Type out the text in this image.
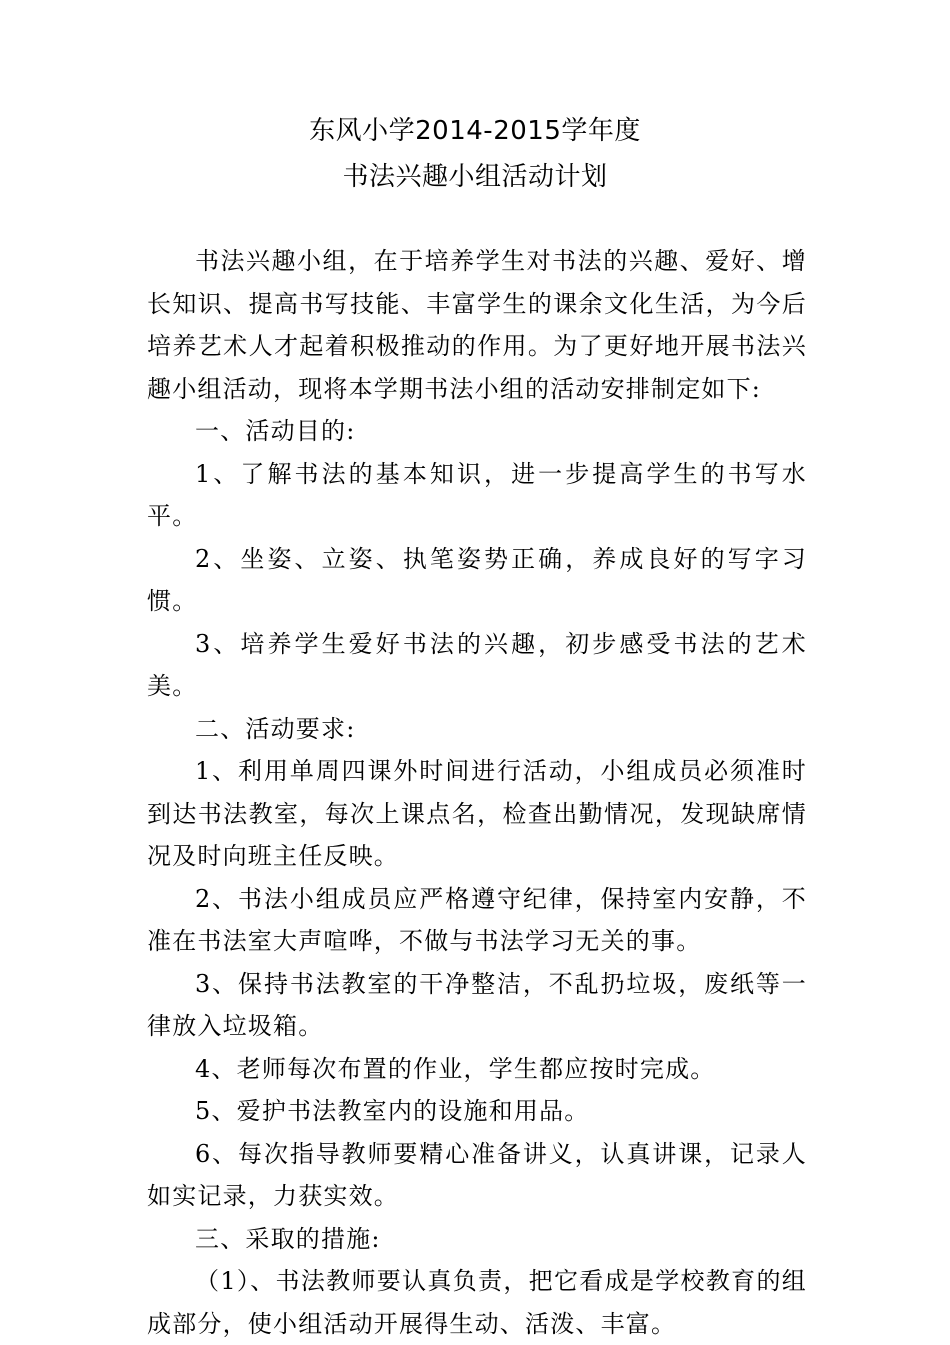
东风小学2014-2015学年度
书法兴趣小组活动计划

书法兴趣小组，在于培养学生对书法的兴趣、爱好、增长知识、提高书写技能、丰富学生的课余文化生活，为今后培养艺术人才起着积极推动的作用。为了更好地开展书法兴趣小组活动，现将本学期书法小组的活动安排制定如下:

一、活动目的:

1、了解书法的基本知识，进一步提高学生的书写水平。

2、坐姿、立姿、执笔姿势正确，养成良好的写字习惯。

3、培养学生爱好书法的兴趣，初步感受书法的艺术美。

二、活动要求:

1、利用单周四课外时间进行活动，小组成员必须准时到达书法教室，每次上课点名，检查出勤情况，发现缺席情况及时向班主任反映。

2、书法小组成员应严格遵守纪律，保持室内安静，不准在书法室大声喧哗，不做与书法学习无关的事。

3、保持书法教室的干净整洁，不乱扔垃圾，废纸等一律放入垃圾箱。

4、老师每次布置的作业，学生都应按时完成。

5、爱护书法教室内的设施和用品。

6、每次指导教师要精心准备讲义，认真讲课，记录人如实记录，力获实效。

三、采取的措施:

（1）、书法教师要认真负责，把它看成是学校教育的组成部分，使小组活动开展得生动、活泼、丰富。
